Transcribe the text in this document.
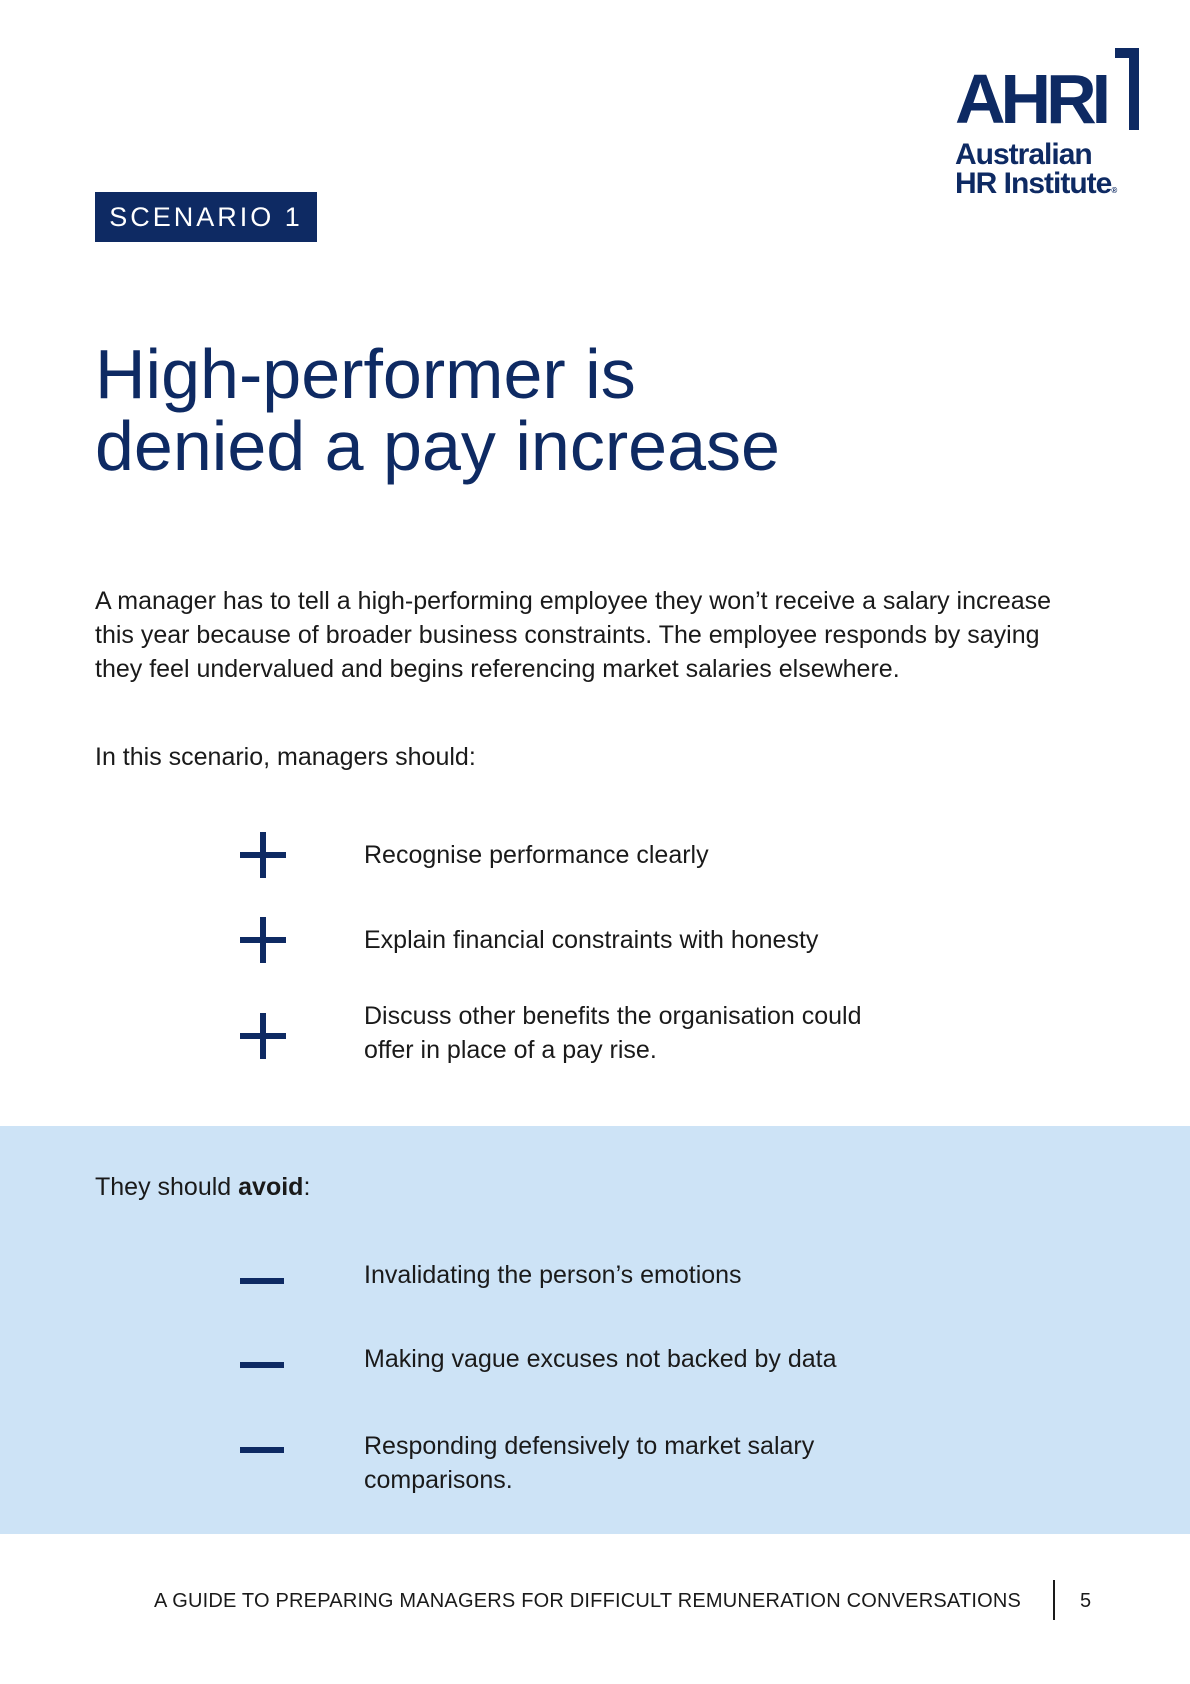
AHRI
Australian
HR Institute®
SCENARIO 1
High-performer is
denied a pay increase

A manager has to tell a high-performing employee they won’t receive a salary increase this year because of broader business constraints. The employee responds by saying they feel undervalued and begins referencing market salaries elsewhere.

In this scenario, managers should:

Recognise performance clearly
Explain financial constraints with honesty
Discuss other benefits the organisation could offer in place of a pay rise.

They should avoid:

Invalidating the person’s emotions
Making vague excuses not backed by data
Responding defensively to market salary comparisons.
A GUIDE TO PREPARING MANAGERS FOR DIFFICULT REMUNERATION CONVERSATIONS	5
